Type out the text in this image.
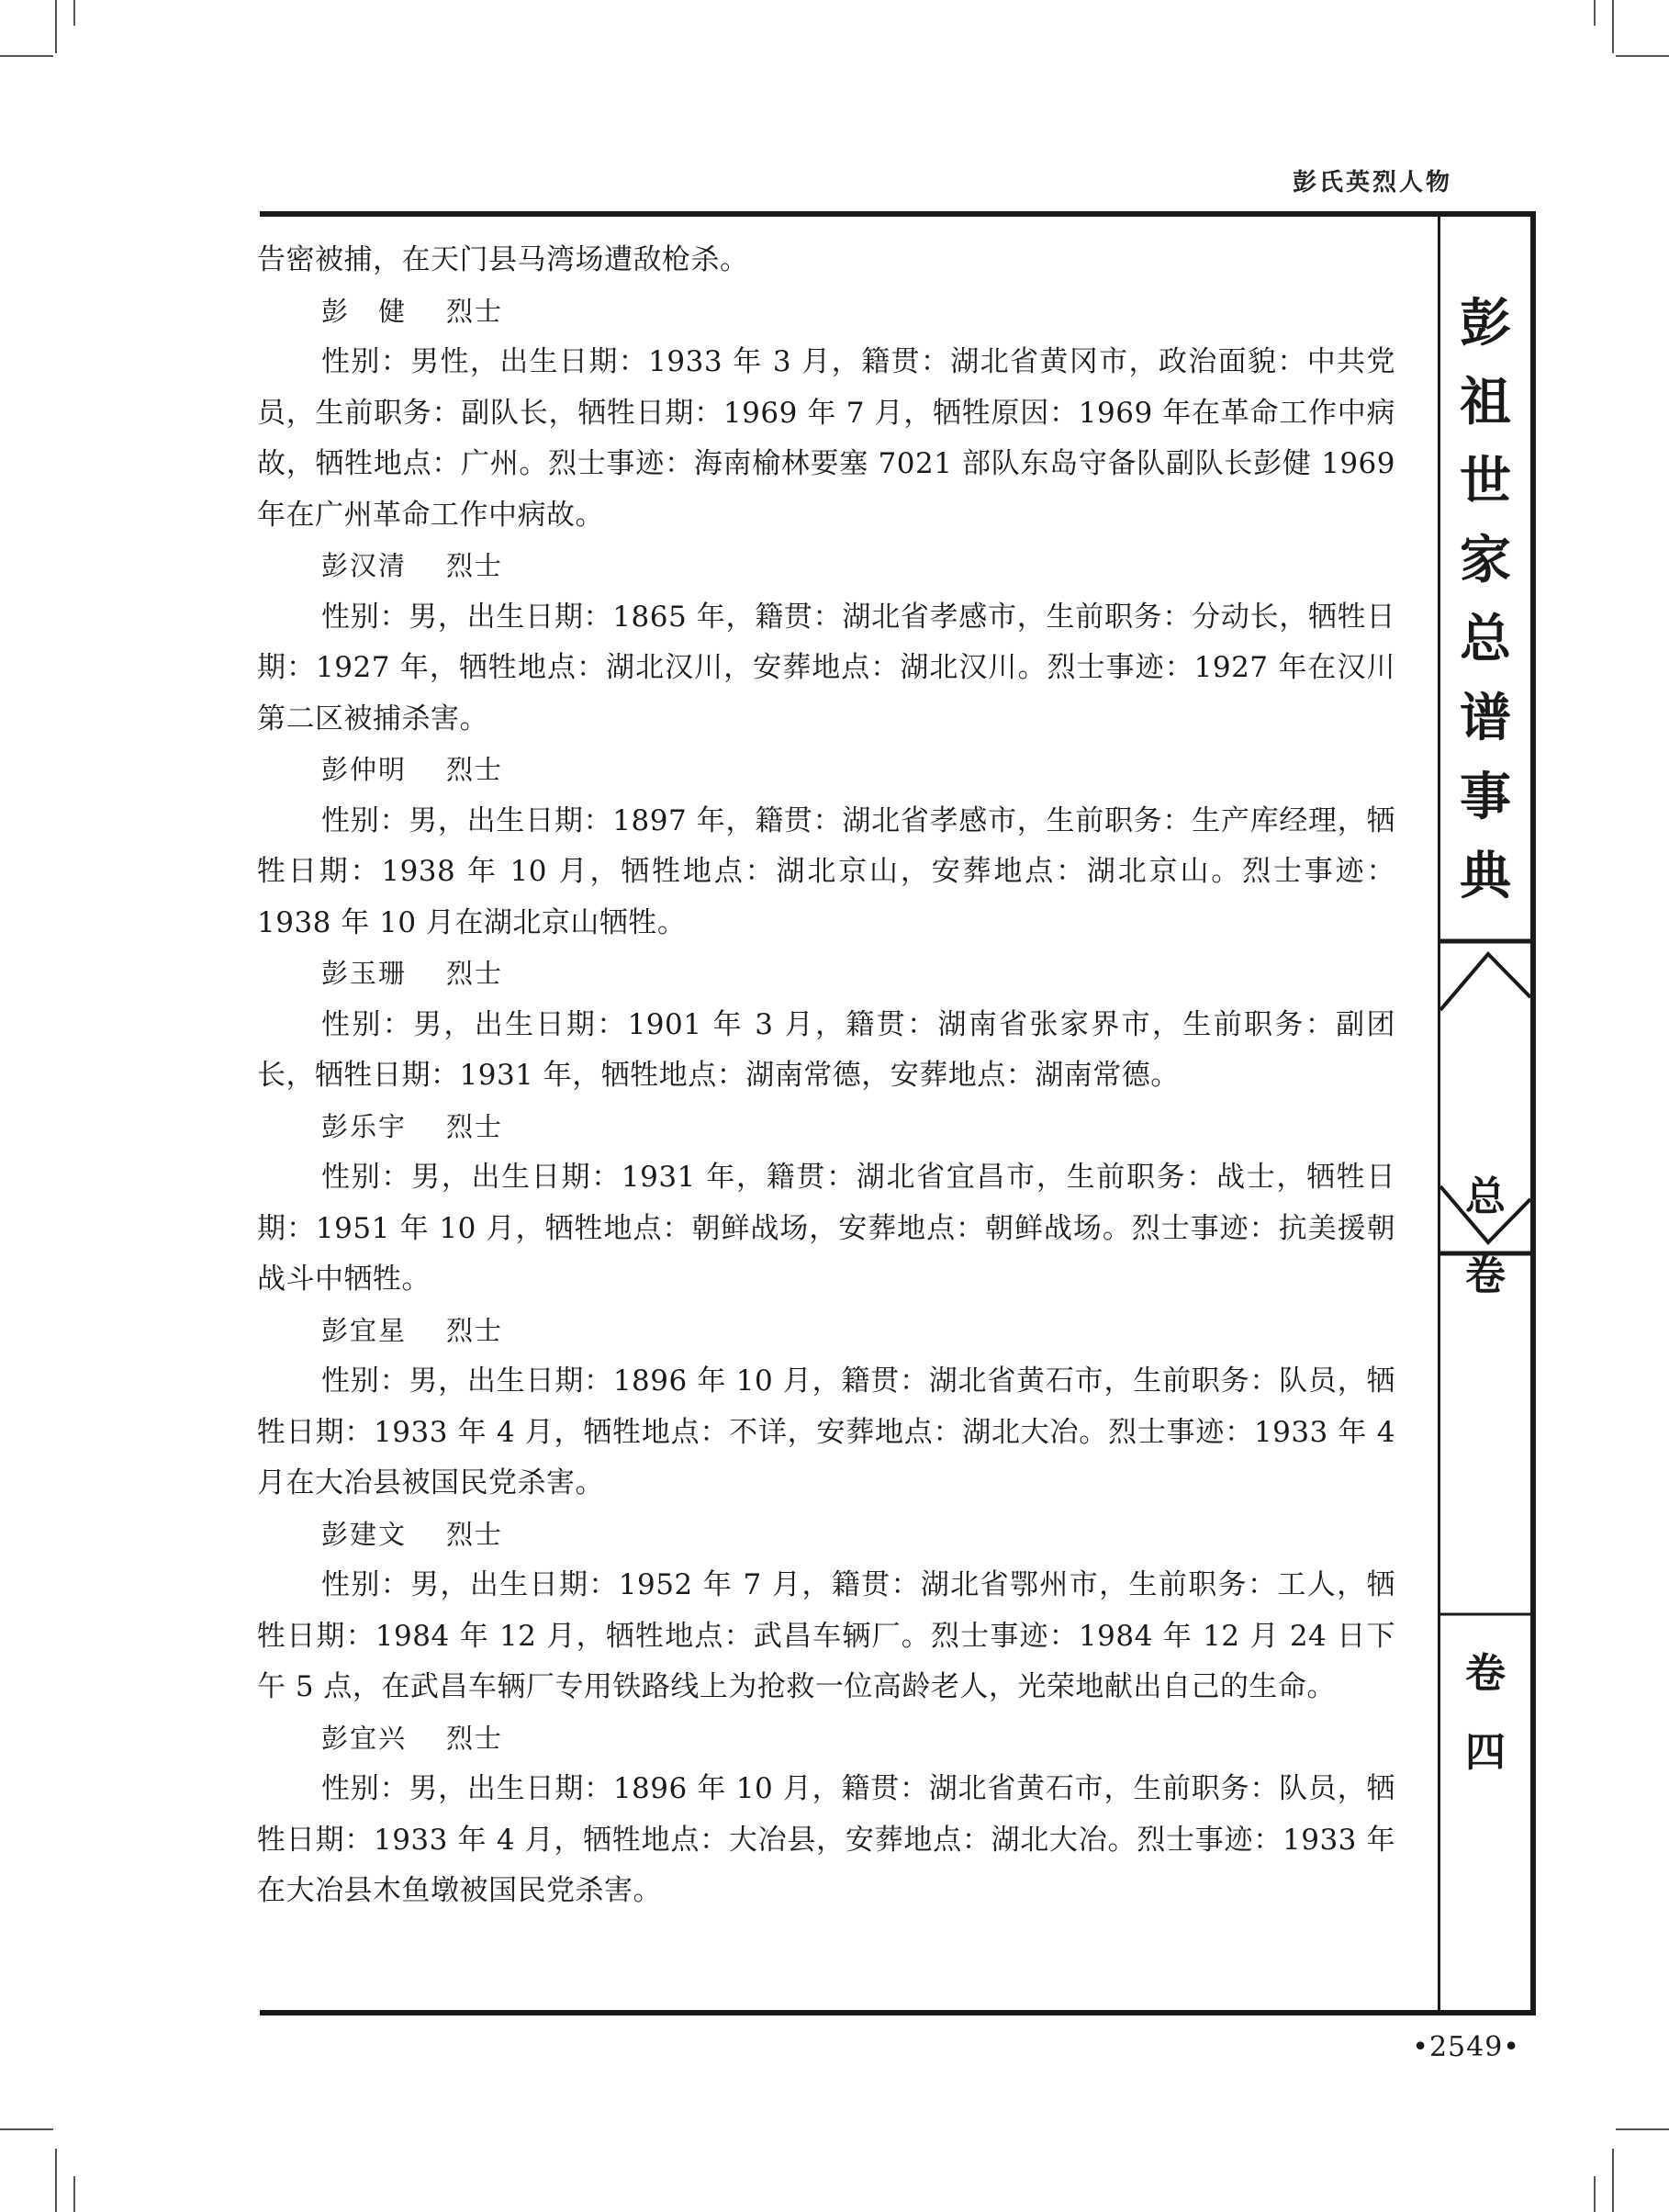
彭氏英烈人物

告密被捕，在天门县马湾场遭敌枪杀。

彭　健 烈士

性别：男性，出生日期：1933 年 3 月，籍贯：湖北省黄冈市，政治面貌：中共党员，生前职务：副队长，牺牲日期：1969 年 7 月，牺牲原因：1969 年在革命工作中病故，牺牲地点：广州。烈士事迹：海南榆林要塞 7021 部队东岛守备队副队长彭健 1969 年在广州革命工作中病故。

彭汉清 烈士

性别：男，出生日期：1865 年，籍贯：湖北省孝感市，生前职务：分动长，牺牲日期：1927 年，牺牲地点：湖北汉川，安葬地点：湖北汉川。烈士事迹：1927 年在汉川第二区被捕杀害。

彭仲明 烈士

性别：男，出生日期：1897 年，籍贯：湖北省孝感市，生前职务：生产库经理，牺牲日期：1938 年 10 月，牺牲地点：湖北京山，安葬地点：湖北京山。烈士事迹：1938 年 10 月在湖北京山牺牲。

彭玉珊 烈士

性别：男，出生日期：1901 年 3 月，籍贯：湖南省张家界市，生前职务：副团长，牺牲日期：1931 年，牺牲地点：湖南常德，安葬地点：湖南常德。

彭乐宇 烈士

性别：男，出生日期：1931 年，籍贯：湖北省宜昌市，生前职务：战士，牺牲日期：1951 年 10 月，牺牲地点：朝鲜战场，安葬地点：朝鲜战场。烈士事迹：抗美援朝战斗中牺牲。

彭宜星 烈士

性别：男，出生日期：1896 年 10 月，籍贯：湖北省黄石市，生前职务：队员，牺牲日期：1933 年 4 月，牺牲地点：不详，安葬地点：湖北大冶。烈士事迹：1933 年 4 月在大冶县被国民党杀害。

彭建文 烈士

性别：男，出生日期：1952 年 7 月，籍贯：湖北省鄂州市，生前职务：工人，牺牲日期：1984 年 12 月，牺牲地点：武昌车辆厂。烈士事迹：1984 年 12 月 24 日下午 5 点，在武昌车辆厂专用铁路线上为抢救一位高龄老人，光荣地献出自己的生命。

彭宜兴 烈士

性别：男，出生日期：1896 年 10 月，籍贯：湖北省黄石市，生前职务：队员，牺牲日期：1933 年 4 月，牺牲地点：大冶县，安葬地点：湖北大冶。烈士事迹：1933 年在大冶县木鱼墩被国民党杀害。

彭
祖
世
家
总
谱
事
典
总
卷
卷
四
•2549•
